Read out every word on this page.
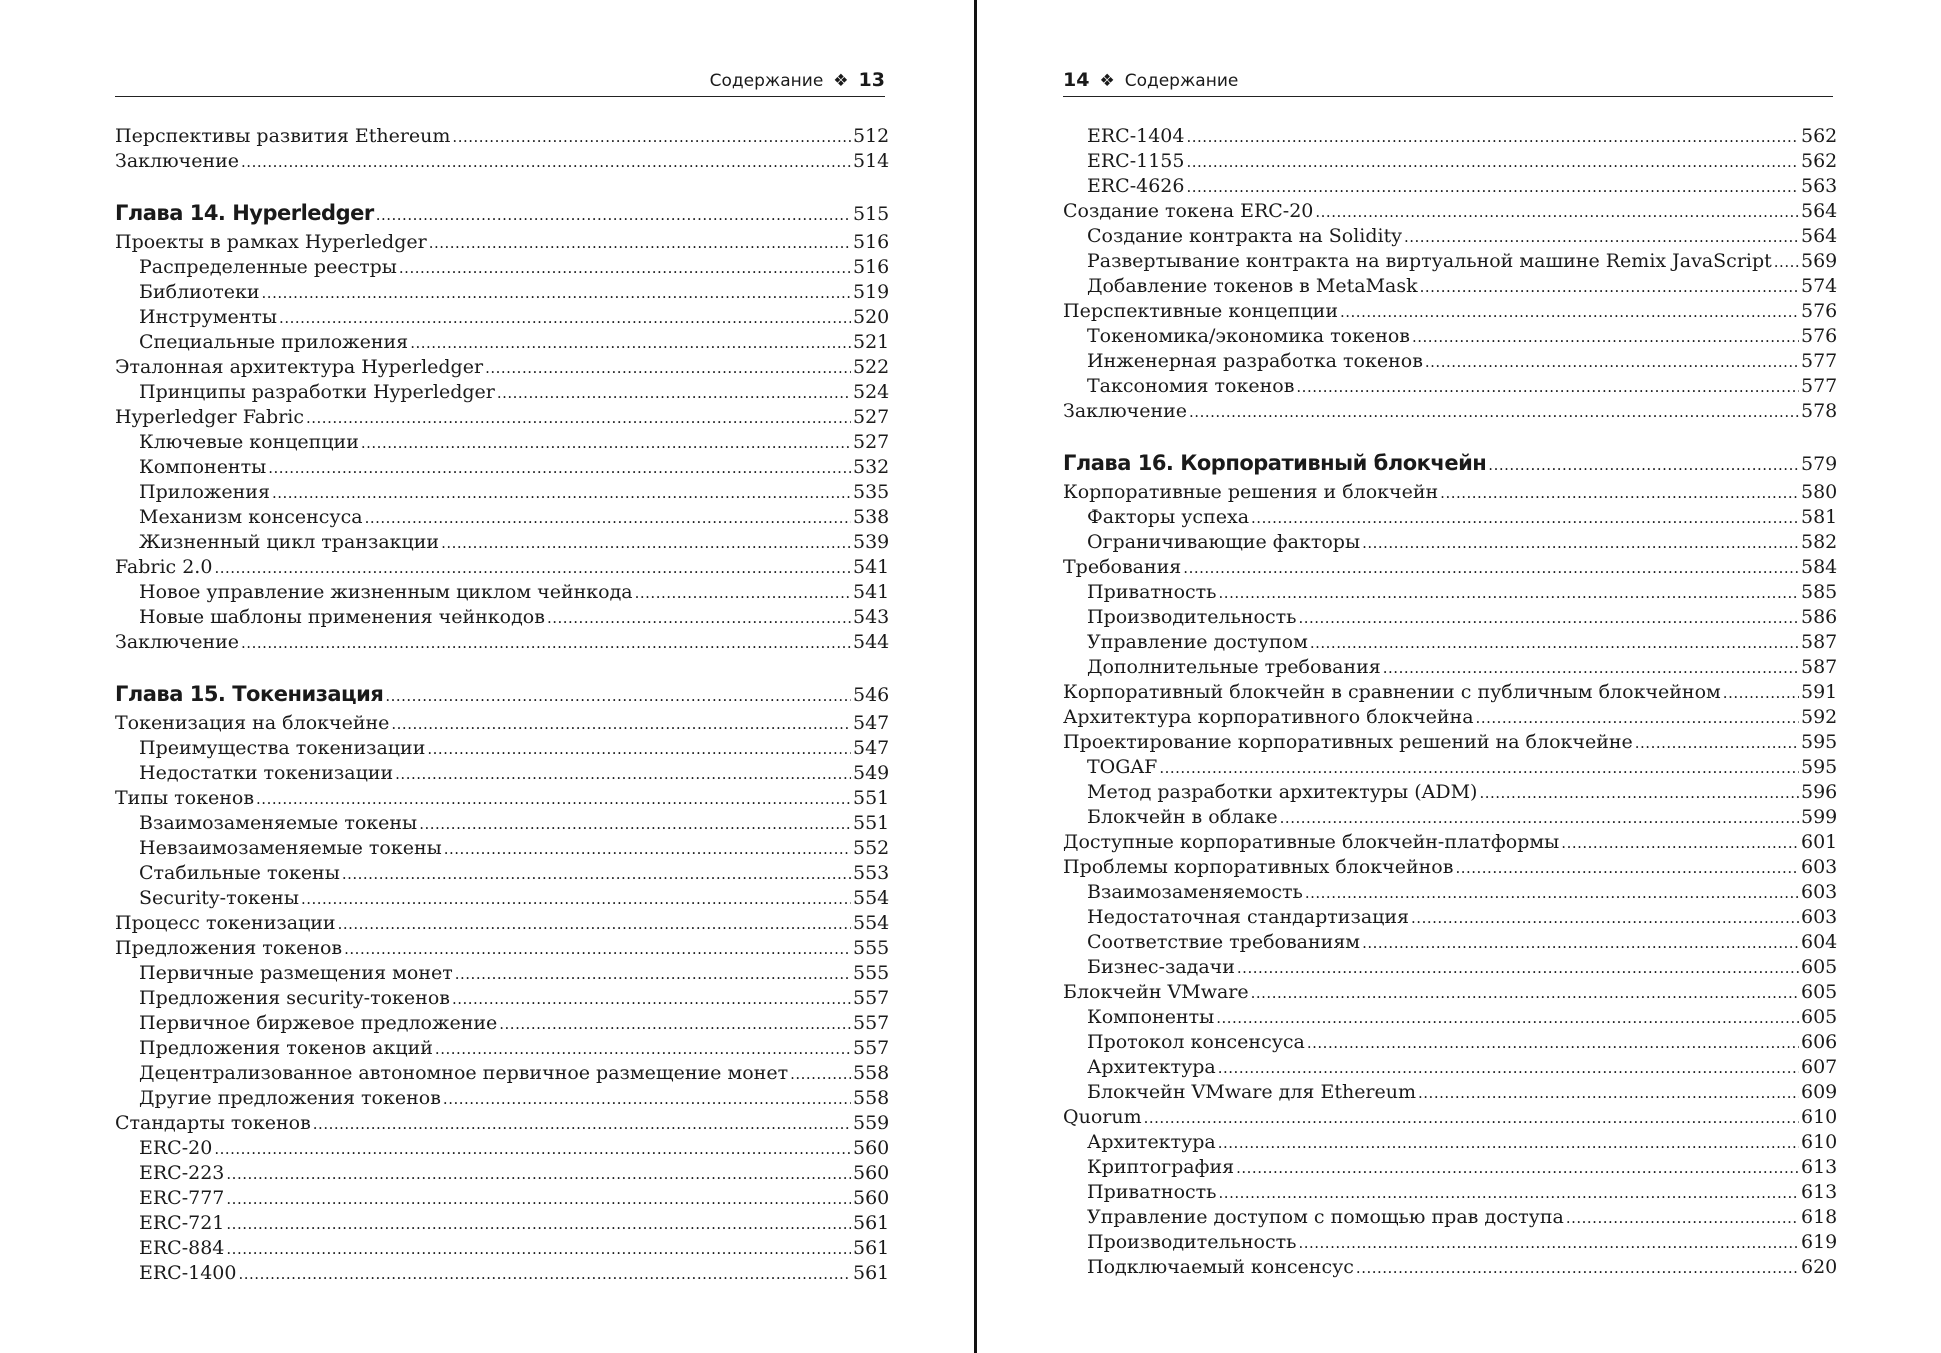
Содержание ❖ 13
Перспективы развития Ethereum .....	512
Заключение .....	514
Глава 14. Hyperledger .....	515
Проекты в рамках Hyperledger .....	516
Распределенные реестры .....	516
Библиотеки .....	519
Инструменты .....	520
Специальные приложения .....	521
Эталонная архитектура Hyperledger .....	522
Принципы разработки Hyperledger .....	524
Hyperledger Fabric .....	527
Ключевые концепции .....	527
Компоненты .....	532
Приложения .....	535
Механизм консенсуса .....	538
Жизненный цикл транзакции .....	539
Fabric 2.0 .....	541
Новое управление жизненным циклом чейнкода .....	541
Новые шаблоны применения чейнкодов .....	543
Заключение .....	544
Глава 15. Токенизация .....	546
Токенизация на блокчейне .....	547
Преимущества токенизации .....	547
Недостатки токенизации .....	549
Типы токенов .....	551
Взаимозаменяемые токены .....	551
Невзаимозаменяемые токены .....	552
Стабильные токены .....	553
Security-токены .....	554
Процесс токенизации .....	554
Предложения токенов .....	555
Первичные размещения монет .....	555
Предложения security-токенов .....	557
Первичное биржевое предложение .....	557
Предложения токенов акций .....	557
Децентрализованное автономное первичное размещение монет .....	558
Другие предложения токенов .....	558
Стандарты токенов .....	559
ERC-20 .....	560
ERC-223 .....	560
ERC-777 .....	560
ERC-721 .....	561
ERC-884 .....	561
ERC-1400 .....	561
14 ❖ Содержание
ERC-1404 .....	562
ERC-1155 .....	562
ERC-4626 .....	563
Создание токена ERC-20 .....	564
Создание контракта на Solidity .....	564
Развертывание контракта на виртуальной машине Remix JavaScript ..... 569
Добавление токенов в MetaMask .....	574
Перспективные концепции .....	576
Токеномика/экономика токенов .....	576
Инженерная разработка токенов .....	577
Таксономия токенов .....	577
Заключение .....	578
Глава 16. Корпоративный блокчейн .....	579
Корпоративные решения и блокчейн .....	580
Факторы успеха .....	581
Ограничивающие факторы .....	582
Требования .....	584
Приватность .....	585
Производительность .....	586
Управление доступом .....	587
Дополнительные требования .....	587
Корпоративный блокчейн в сравнении с публичным блокчейном .....	591
Архитектура корпоративного блокчейна .....	592
Проектирование корпоративных решений на блокчейне .....	595
TOGAF .....	595
Метод разработки архитектуры (ADM) .....	596
Блокчейн в облаке .....	599
Доступные корпоративные блокчейн-платформы .....	601
Проблемы корпоративных блокчейнов .....	603
Взаимозаменяемость .....	603
Недостаточная стандартизация .....	603
Соответствие требованиям .....	604
Бизнес-задачи .....	605
Блокчейн VMware .....	605
Компоненты .....	605
Протокол консенсуса .....	606
Архитектура .....	607
Блокчейн VMware для Ethereum .....	609
Quorum .....	610
Архитектура .....	610
Криптография .....	613
Приватность .....	613
Управление доступом с помощью прав доступа .....	618
Производительность .....	619
Подключаемый консенсус .....	620
